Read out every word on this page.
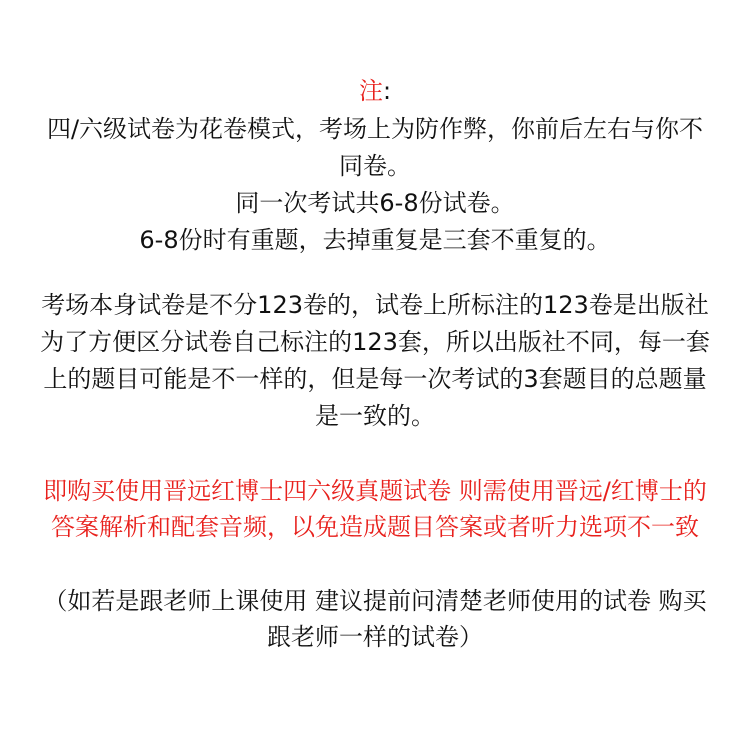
注:
四/六级试卷为花卷模式，考场上为防作弊，你前后左右与你不
同卷。
同一次考试共6-8份试卷。
6-8份时有重题，去掉重复是三套不重复的。
考场本身试卷是不分123卷的，试卷上所标注的123卷是出版社
为了方便区分试卷自己标注的123套，所以出版社不同，每一套
上的题目可能是不一样的，但是每一次考试的3套题目的总题量
是一致的。
即购买使用晋远红博士四六级真题试卷 则需使用晋远/红博士的
答案解析和配套音频，以免造成题目答案或者听力选项不一致
（如若是跟老师上课使用 建议提前问清楚老师使用的试卷 购买
跟老师一样的试卷）
